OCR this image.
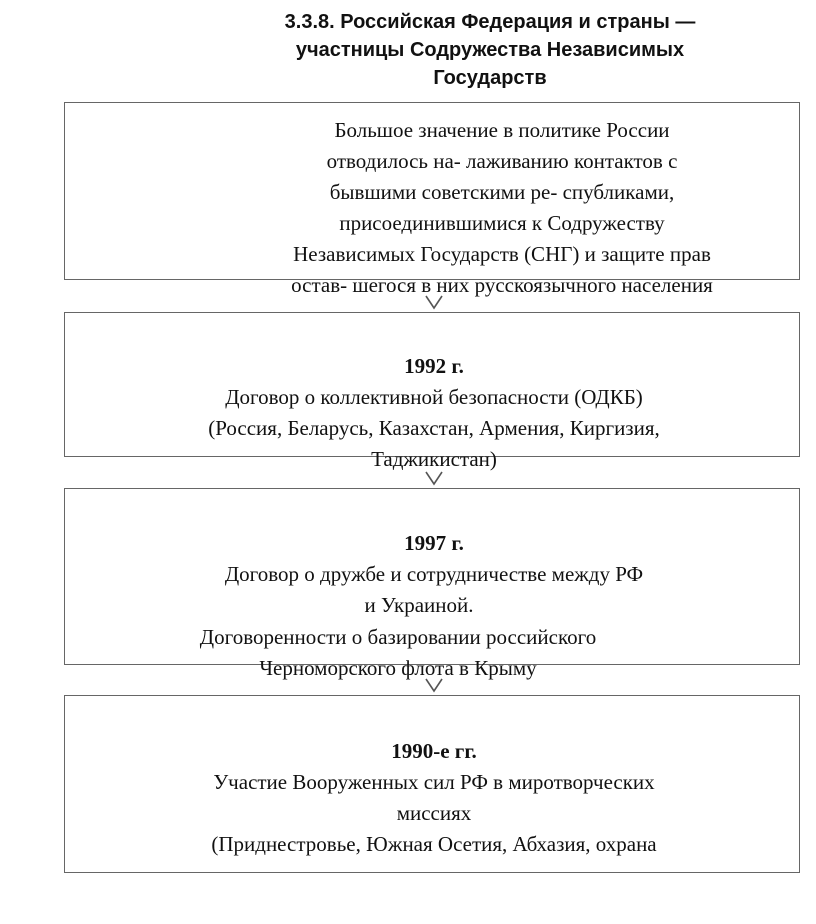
3.3.8. Российская Федерация и страны —
участницы Содружества Независимых
Государств
Большое значение в политике России
отводилось на- лаживанию контактов с
бывшими советскими ре- спубликами,
присоединившимися к Содружеству
Независимых Государств (СНГ) и защите прав
остав- шегося в них русскоязычного населения
1992 г.
Договор о коллективной безопасности (ОДКБ)
(Россия, Беларусь, Казахстан, Армения, Киргизия,
Таджикистан)
1997 г.
Договор о дружбе и сотрудничестве между РФ
и Украиной.
Договоренности о базировании российского
Черноморского флота в Крыму
1990-е гг.
Участие Вооруженных сил РФ в миротворческих
миссиях
(Приднестровье, Южная Осетия, Абхазия, охрана
